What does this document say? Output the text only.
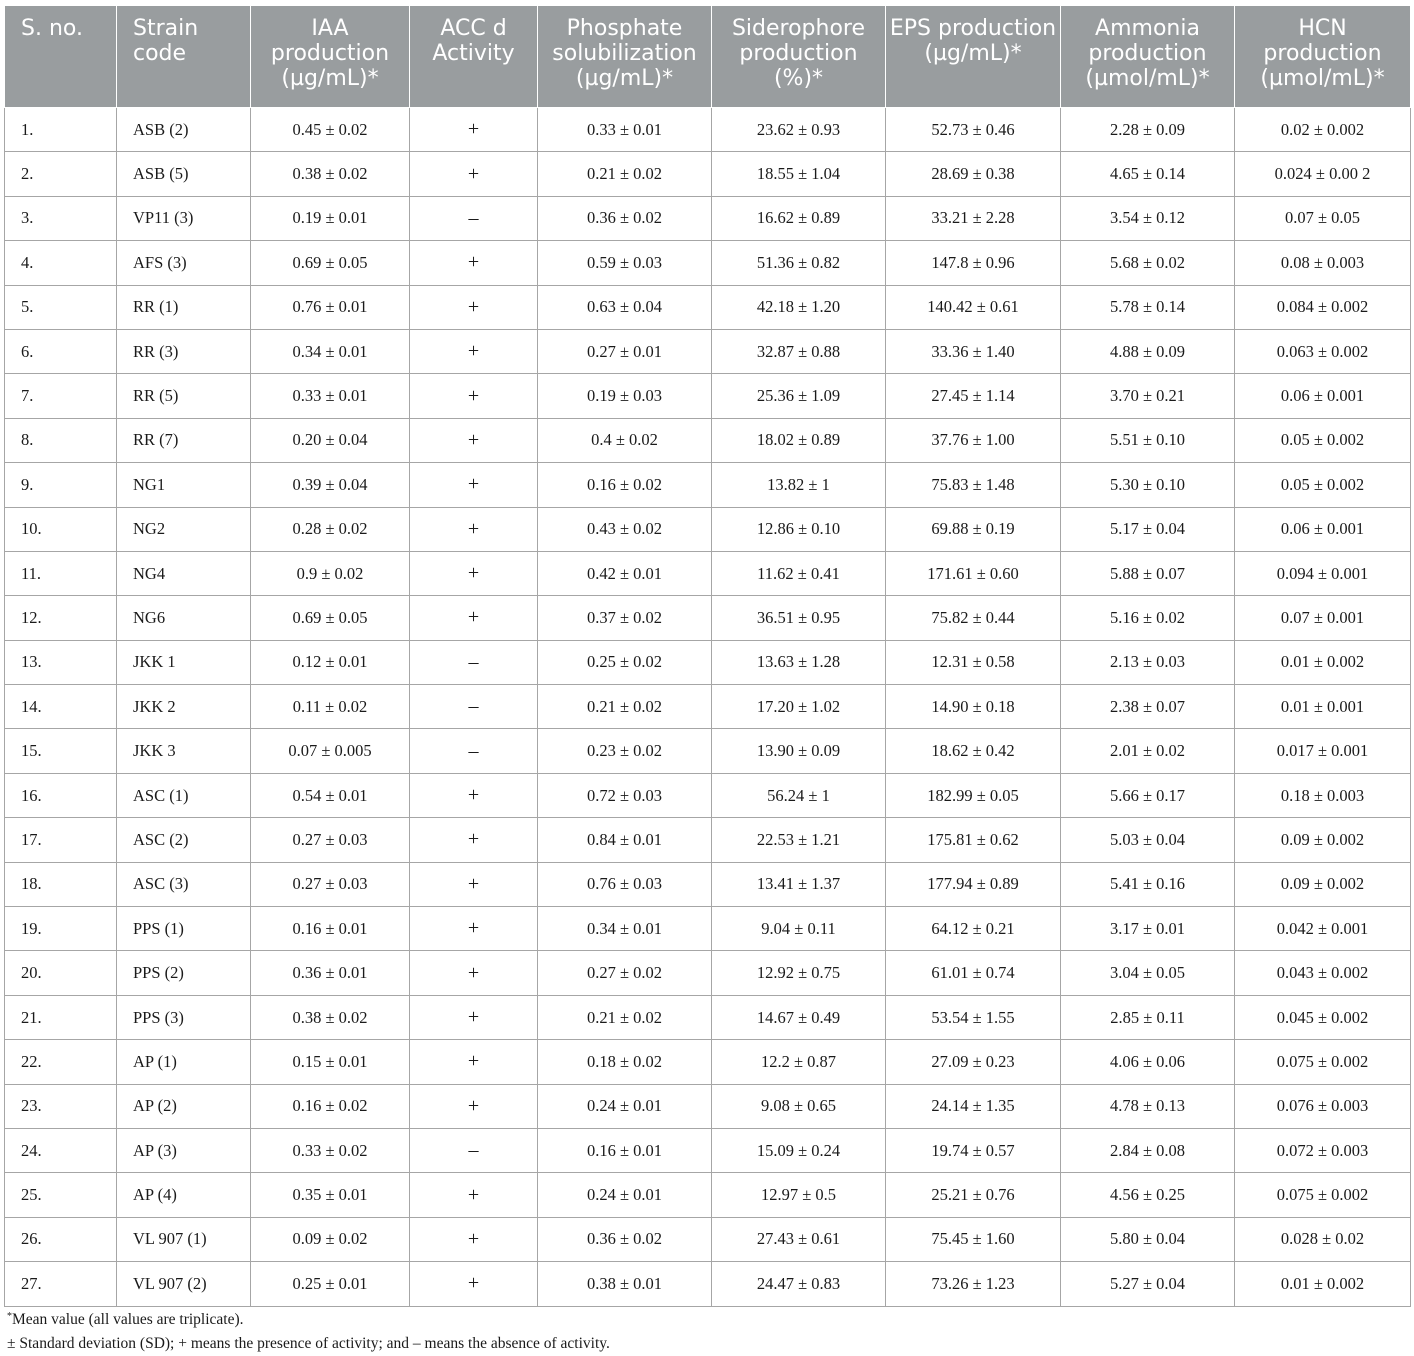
S. no.	Strain code	IAA production (µg/mL)*	ACC d Activity	Phosphate solubilization (µg/mL)*	Siderophore production (%)*	EPS production (µg/mL)*	Ammonia production (µmol/mL)*	HCN production (µmol/mL)*
1.	ASB (2)	0.45 ± 0.02	+	0.33 ± 0.01	23.62 ± 0.93	52.73 ± 0.46	2.28 ± 0.09	0.02 ± 0.002
2.	ASB (5)	0.38 ± 0.02	+	0.21 ± 0.02	18.55 ± 1.04	28.69 ± 0.38	4.65 ± 0.14	0.024 ± 0.00 2
3.	VP11 (3)	0.19 ± 0.01	–	0.36 ± 0.02	16.62 ± 0.89	33.21 ± 2.28	3.54 ± 0.12	0.07 ± 0.05
4.	AFS (3)	0.69 ± 0.05	+	0.59 ± 0.03	51.36 ± 0.82	147.8 ± 0.96	5.68 ± 0.02	0.08 ± 0.003
5.	RR (1)	0.76 ± 0.01	+	0.63 ± 0.04	42.18 ± 1.20	140.42 ± 0.61	5.78 ± 0.14	0.084 ± 0.002
6.	RR (3)	0.34 ± 0.01	+	0.27 ± 0.01	32.87 ± 0.88	33.36 ± 1.40	4.88 ± 0.09	0.063 ± 0.002
7.	RR (5)	0.33 ± 0.01	+	0.19 ± 0.03	25.36 ± 1.09	27.45 ± 1.14	3.70 ± 0.21	0.06 ± 0.001
8.	RR (7)	0.20 ± 0.04	+	0.4 ± 0.02	18.02 ± 0.89	37.76 ± 1.00	5.51 ± 0.10	0.05 ± 0.002
9.	NG1	0.39 ± 0.04	+	0.16 ± 0.02	13.82 ± 1	75.83 ± 1.48	5.30 ± 0.10	0.05 ± 0.002
10.	NG2	0.28 ± 0.02	+	0.43 ± 0.02	12.86 ± 0.10	69.88 ± 0.19	5.17 ± 0.04	0.06 ± 0.001
11.	NG4	0.9 ± 0.02	+	0.42 ± 0.01	11.62 ± 0.41	171.61 ± 0.60	5.88 ± 0.07	0.094 ± 0.001
12.	NG6	0.69 ± 0.05	+	0.37 ± 0.02	36.51 ± 0.95	75.82 ± 0.44	5.16 ± 0.02	0.07 ± 0.001
13.	JKK 1	0.12 ± 0.01	–	0.25 ± 0.02	13.63 ± 1.28	12.31 ± 0.58	2.13 ± 0.03	0.01 ± 0.002
14.	JKK 2	0.11 ± 0.02	–	0.21 ± 0.02	17.20 ± 1.02	14.90 ± 0.18	2.38 ± 0.07	0.01 ± 0.001
15.	JKK 3	0.07 ± 0.005	–	0.23 ± 0.02	13.90 ± 0.09	18.62 ± 0.42	2.01 ± 0.02	0.017 ± 0.001
16.	ASC (1)	0.54 ± 0.01	+	0.72 ± 0.03	56.24 ± 1	182.99 ± 0.05	5.66 ± 0.17	0.18 ± 0.003
17.	ASC (2)	0.27 ± 0.03	+	0.84 ± 0.01	22.53 ± 1.21	175.81 ± 0.62	5.03 ± 0.04	0.09 ± 0.002
18.	ASC (3)	0.27 ± 0.03	+	0.76 ± 0.03	13.41 ± 1.37	177.94 ± 0.89	5.41 ± 0.16	0.09 ± 0.002
19.	PPS (1)	0.16 ± 0.01	+	0.34 ± 0.01	9.04 ± 0.11	64.12 ± 0.21	3.17 ± 0.01	0.042 ± 0.001
20.	PPS (2)	0.36 ± 0.01	+	0.27 ± 0.02	12.92 ± 0.75	61.01 ± 0.74	3.04 ± 0.05	0.043 ± 0.002
21.	PPS (3)	0.38 ± 0.02	+	0.21 ± 0.02	14.67 ± 0.49	53.54 ± 1.55	2.85 ± 0.11	0.045 ± 0.002
22.	AP (1)	0.15 ± 0.01	+	0.18 ± 0.02	12.2 ± 0.87	27.09 ± 0.23	4.06 ± 0.06	0.075 ± 0.002
23.	AP (2)	0.16 ± 0.02	+	0.24 ± 0.01	9.08 ± 0.65	24.14 ± 1.35	4.78 ± 0.13	0.076 ± 0.003
24.	AP (3)	0.33 ± 0.02	–	0.16 ± 0.01	15.09 ± 0.24	19.74 ± 0.57	2.84 ± 0.08	0.072 ± 0.003
25.	AP (4)	0.35 ± 0.01	+	0.24 ± 0.01	12.97 ± 0.5	25.21 ± 0.76	4.56 ± 0.25	0.075 ± 0.002
26.	VL 907 (1)	0.09 ± 0.02	+	0.36 ± 0.02	27.43 ± 0.61	75.45 ± 1.60	5.80 ± 0.04	0.028 ± 0.02
27.	VL 907 (2)	0.25 ± 0.01	+	0.38 ± 0.01	24.47 ± 0.83	73.26 ± 1.23	5.27 ± 0.04	0.01 ± 0.002
*Mean value (all values are triplicate).
± Standard deviation (SD); + means the presence of activity; and – means the absence of activity.
